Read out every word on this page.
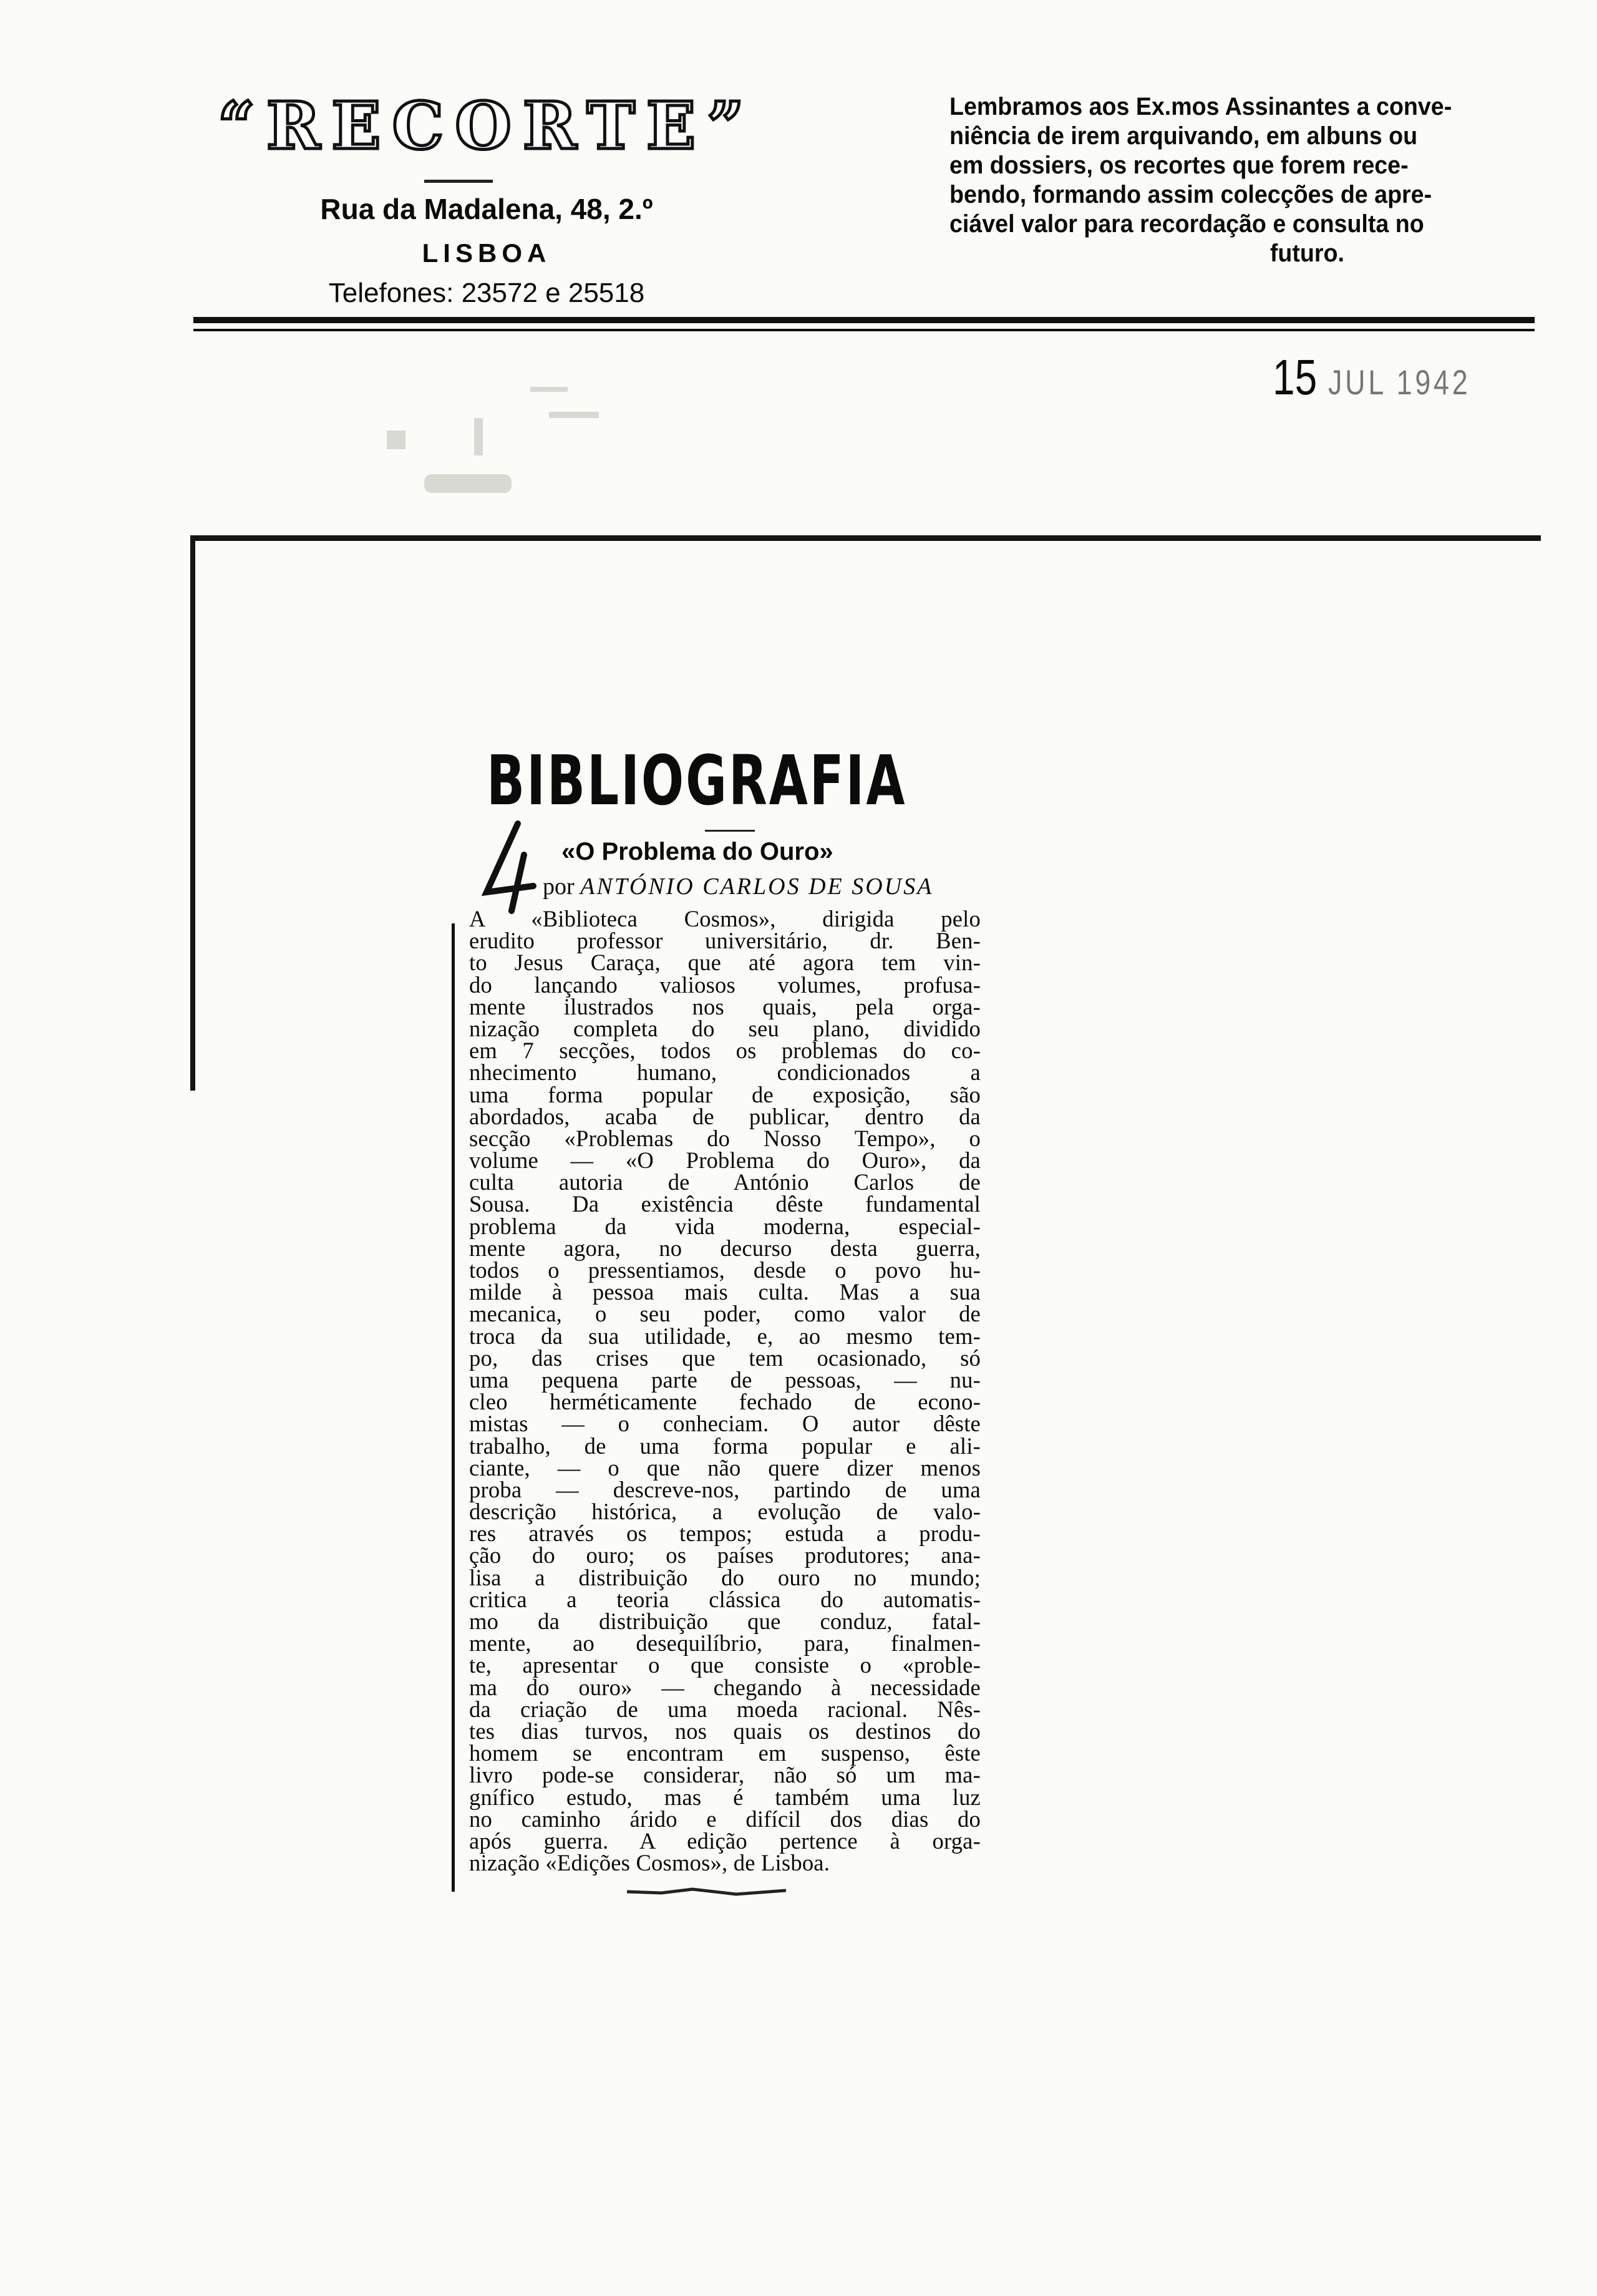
“RECORTE”
Rua da Madalena, 48, 2.º
LISBOA
Telefones: 23572 e 25518

Lembramos aos Ex.mos Assinantes a conve-

niência de irem arquivando, em albuns ou

em dossiers, os recortes que forem rece-

bendo, formando assim colecções de apre-

ciável valor para recordação e consulta no

futuro.

15 JUL 1942
BIBLIOGRAFIA
«O Problema do Ouro»
por ANTÓNIO CARLOS DE SOUSA
A «Biblioteca Cosmos», dirigida pelo
erudito professor universitário, dr. Ben-
to Jesus Caraça, que até agora tem vin-
do lançando valiosos volumes, profusa-
mente ilustrados nos quais, pela orga-
nização completa do seu plano, dividido
em 7 secções, todos os problemas do co-
nhecimento humano, condicionados a
uma forma popular de exposição, são
abordados, acaba de publicar, dentro da
secção «Problemas do Nosso Tempo», o
volume — «O Problema do Ouro», da
culta autoria de António Carlos de
Sousa. Da existência dêste fundamental
problema da vida moderna, especial-
mente agora, no decurso desta guerra,
todos o pressentiamos, desde o povo hu-
milde à pessoa mais culta. Mas a sua
mecanica, o seu poder, como valor de
troca da sua utilidade, e, ao mesmo tem-
po, das crises que tem ocasionado, só
uma pequena parte de pessoas, — nu-
cleo herméticamente fechado de econo-
mistas — o conheciam. O autor dêste
trabalho, de uma forma popular e ali-
ciante, — o que não quere dizer menos
proba — descreve-nos, partindo de uma
descrição histórica, a evolução de valo-
res através os tempos; estuda a produ-
ção do ouro; os países produtores; ana-
lisa a distribuição do ouro no mundo;
critica a teoria clássica do automatis-
mo da distribuição que conduz, fatal-
mente, ao desequilíbrio, para, finalmen-
te, apresentar o que consiste o «proble-
ma do ouro» — chegando à necessidade
da criação de uma moeda racional. Nês-
tes dias turvos, nos quais os destinos do
homem se encontram em suspenso, êste
livro pode-se considerar, não só um ma-
gnífico estudo, mas é também uma luz
no caminho árido e difícil dos dias do
após guerra. A edição pertence à orga-
nização «Edições Cosmos», de Lisboa.
